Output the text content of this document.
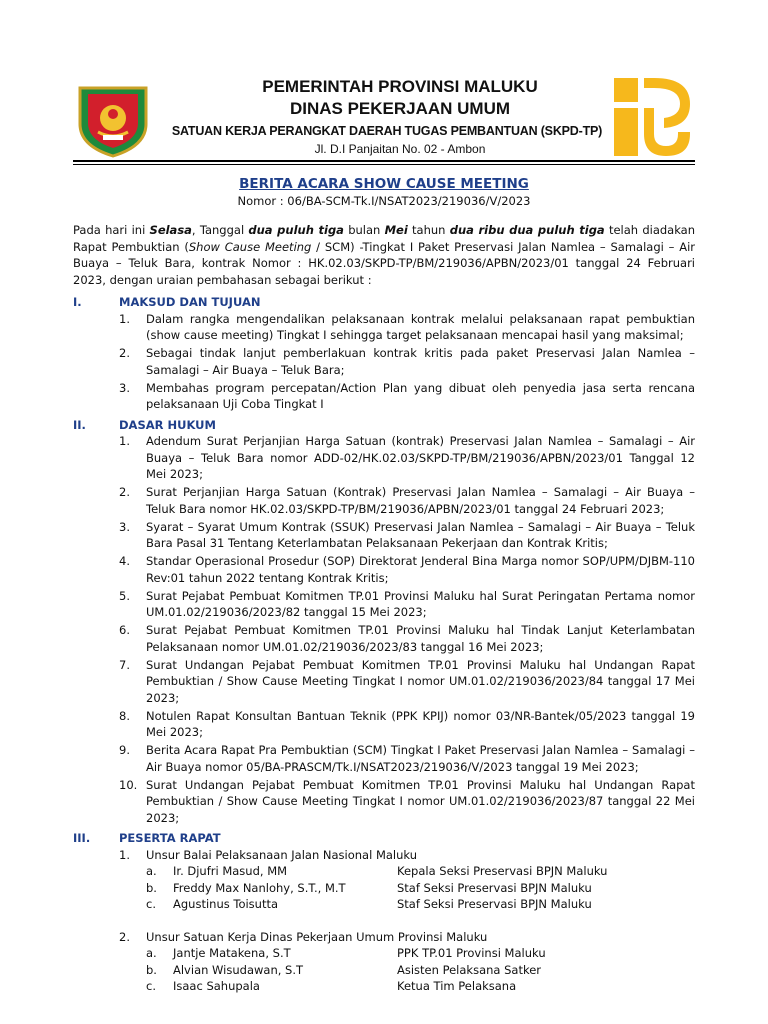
PEMERINTAH PROVINSI MALUKU
DINAS PEKERJAAN UMUM
SATUAN KERJA PERANGKAT DAERAH TUGAS PEMBANTUAN (SKPD-TP)
Jl. D.I Panjaitan No. 02 - Ambon
BERITA ACARA SHOW CAUSE MEETING
Nomor : 06/BA-SCM-Tk.I/NSAT2023/219036/V/2023

Pada hari ini Selasa, Tanggal dua puluh tiga bulan Mei tahun dua ribu dua puluh tiga telah diadakan Rapat Pembuktian (Show Cause Meeting / SCM) -Tingkat I Paket Preservasi Jalan Namlea – Samalagi – Air Buaya – Teluk Bara, kontrak Nomor : HK.02.03/SKPD-TP/BM/219036/APBN/2023/01 tanggal 24 Februari 2023, dengan uraian pembahasan sebagai berikut :

I.	MAKSUD DAN TUJUAN
1.	Dalam rangka mengendalikan pelaksanaan kontrak melalui pelaksanaan rapat pembuktian (show cause meeting) Tingkat I sehingga target pelaksanaan mencapai hasil yang maksimal;
2.	Sebagai tindak lanjut pemberlakuan kontrak kritis pada paket Preservasi Jalan Namlea – Samalagi – Air Buaya – Teluk Bara;
3.	Membahas program percepatan/Action Plan yang dibuat oleh penyedia jasa serta rencana pelaksanaan Uji Coba Tingkat I
II.	DASAR HUKUM
1.	Adendum Surat Perjanjian Harga Satuan (kontrak) Preservasi Jalan Namlea – Samalagi – Air Buaya – Teluk Bara nomor ADD-02/HK.02.03/SKPD-TP/BM/219036/APBN/2023/01 Tanggal 12 Mei 2023;
2.	Surat Perjanjian Harga Satuan (Kontrak) Preservasi Jalan Namlea – Samalagi – Air Buaya – Teluk Bara nomor HK.02.03/SKPD-TP/BM/219036/APBN/2023/01 tanggal 24 Februari 2023;
3.	Syarat – Syarat Umum Kontrak (SSUK) Preservasi Jalan Namlea – Samalagi – Air Buaya – Teluk Bara Pasal 31 Tentang Keterlambatan Pelaksanaan Pekerjaan dan Kontrak Kritis;
4.	Standar Operasional Prosedur (SOP) Direktorat Jenderal Bina Marga nomor SOP/UPM/DJBM-110 Rev:01 tahun 2022 tentang Kontrak Kritis;
5.	Surat Pejabat Pembuat Komitmen TP.01 Provinsi Maluku hal Surat Peringatan Pertama nomor UM.01.02/219036/2023/82 tanggal 15 Mei 2023;
6.	Surat Pejabat Pembuat Komitmen TP.01 Provinsi Maluku hal Tindak Lanjut Keterlambatan Pelaksanaan nomor UM.01.02/219036/2023/83 tanggal 16 Mei 2023;
7.	Surat Undangan Pejabat Pembuat Komitmen TP.01 Provinsi Maluku hal Undangan Rapat Pembuktian / Show Cause Meeting Tingkat I nomor UM.01.02/219036/2023/84 tanggal 17 Mei 2023;
8.	Notulen Rapat Konsultan Bantuan Teknik (PPK KPIJ) nomor 03/NR-Bantek/05/2023 tanggal 19 Mei 2023;
9.	Berita Acara Rapat Pra Pembuktian (SCM) Tingkat I Paket Preservasi Jalan Namlea – Samalagi – Air Buaya nomor 05/BA-PRASCM/Tk.I/NSAT2023/219036/V/2023 tanggal 19 Mei 2023;
10. Surat Undangan Pejabat Pembuat Komitmen TP.01 Provinsi Maluku hal Undangan Rapat Pembuktian / Show Cause Meeting Tingkat I nomor UM.01.02/219036/2023/87 tanggal 22 Mei 2023;
III.	PESERTA RAPAT
1.	Unsur Balai Pelaksanaan Jalan Nasional Maluku
a.	Ir. Djufri Masud, MM	Kepala Seksi Preservasi BPJN Maluku
b.	Freddy Max Nanlohy, S.T., M.T	Staf Seksi Preservasi BPJN Maluku
c.	Agustinus Toisutta	Staf Seksi Preservasi BPJN Maluku
2.	Unsur Satuan Kerja Dinas Pekerjaan Umum Provinsi Maluku
a.	Jantje Matakena, S.T	PPK TP.01 Provinsi Maluku
b.	Alvian Wisudawan, S.T	Asisten Pelaksana Satker
c.	Isaac Sahupala	Ketua Tim Pelaksana
